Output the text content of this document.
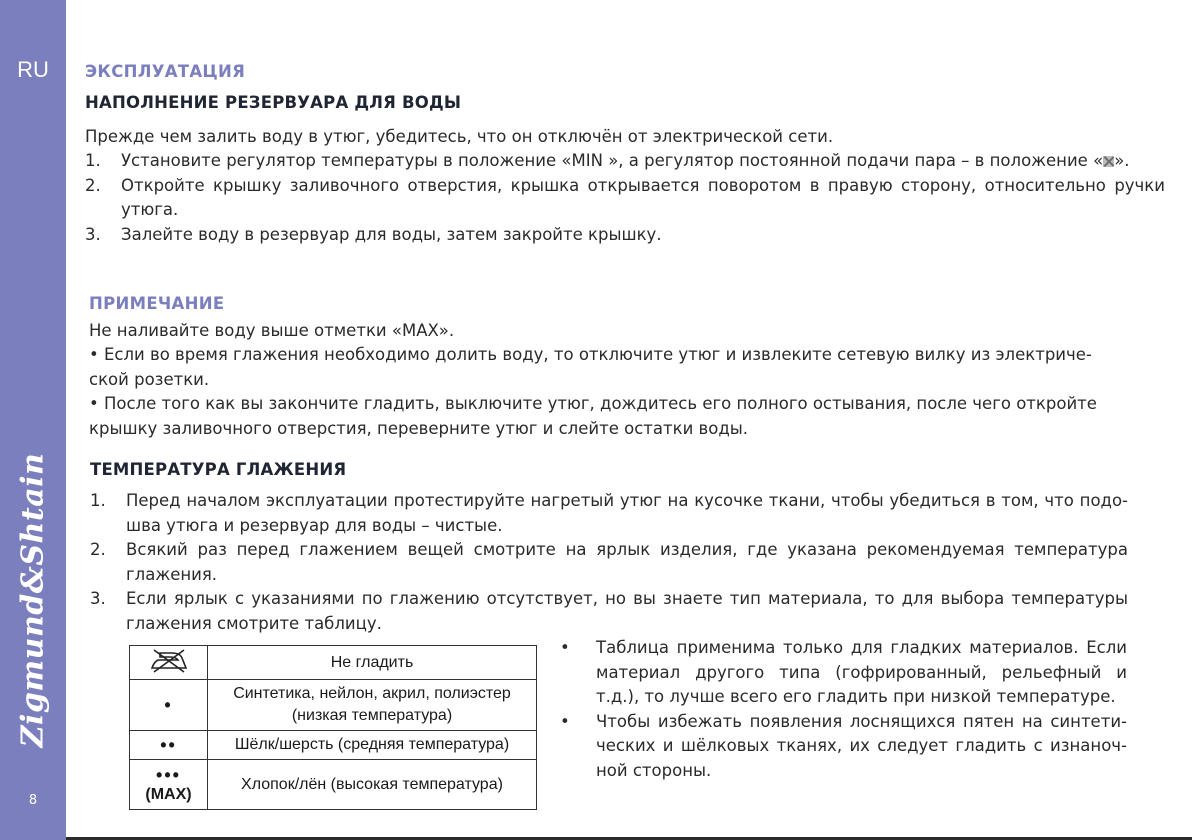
RU
Zigmund&Shtain
8
ЭКСПЛУАТАЦИЯ
НАПОЛНЕНИЕ РЕЗЕРВУАРА ДЛЯ ВОДЫ

Прежде чем залить воду в утюг, убедитесь, что он отключён от электрической сети.

1. Установите регулятор температуры в положение «MIN », а регулятор постоянной подачи пара – в положение « ».
2. Откройте крышку заливочного отверстия, крышка открывается поворотом в правую сторону, относительно ручки утюга.
3. Залейте воду в резервуар для воды, затем закройте крышку.
ПРИМЕЧАНИЕ

Не наливайте воду выше отметки «MAX».

• Если во время глажения необходимо долить воду, то отключите утюг и извлеките сетевую вилку из электриче-ской розетки.

• После того как вы закончите гладить, выключите утюг, дождитесь его полного остывания, после чего откройте крышку заливочного отверстия, переверните утюг и слейте остатки воды.

ТЕМПЕРАТУРА ГЛАЖЕНИЯ
1. Перед началом эксплуатации протестируйте нагретый утюг на кусочке ткани, чтобы убедиться в том, что подо-шва утюга и резервуар для воды – чистые.
2. Всякий раз перед глажением вещей смотрите на ярлык изделия, где указана рекомендуемая температура глажения.
3. Если ярлык с указаниями по глажению отсутствует, но вы знаете тип материала, то для выбора температуры глажения смотрите таблицу.
	Не гладить
•	Синтетика, нейлон, акрил, полиэстер (низкая температура)
••	Шёлк/шерсть (средняя температура)

•••
(MAX)	Хлопок/лён (высокая температура)
• Таблица применима только для гладких материалов. Если материал другого типа (гофрированный, рельефный и т.д.), то лучше всего его гладить при низкой температуре.
• Чтобы избежать появления лоснящихся пятен на синтети-ческих и шёлковых тканях, их следует гладить с изнаноч-ной стороны.
